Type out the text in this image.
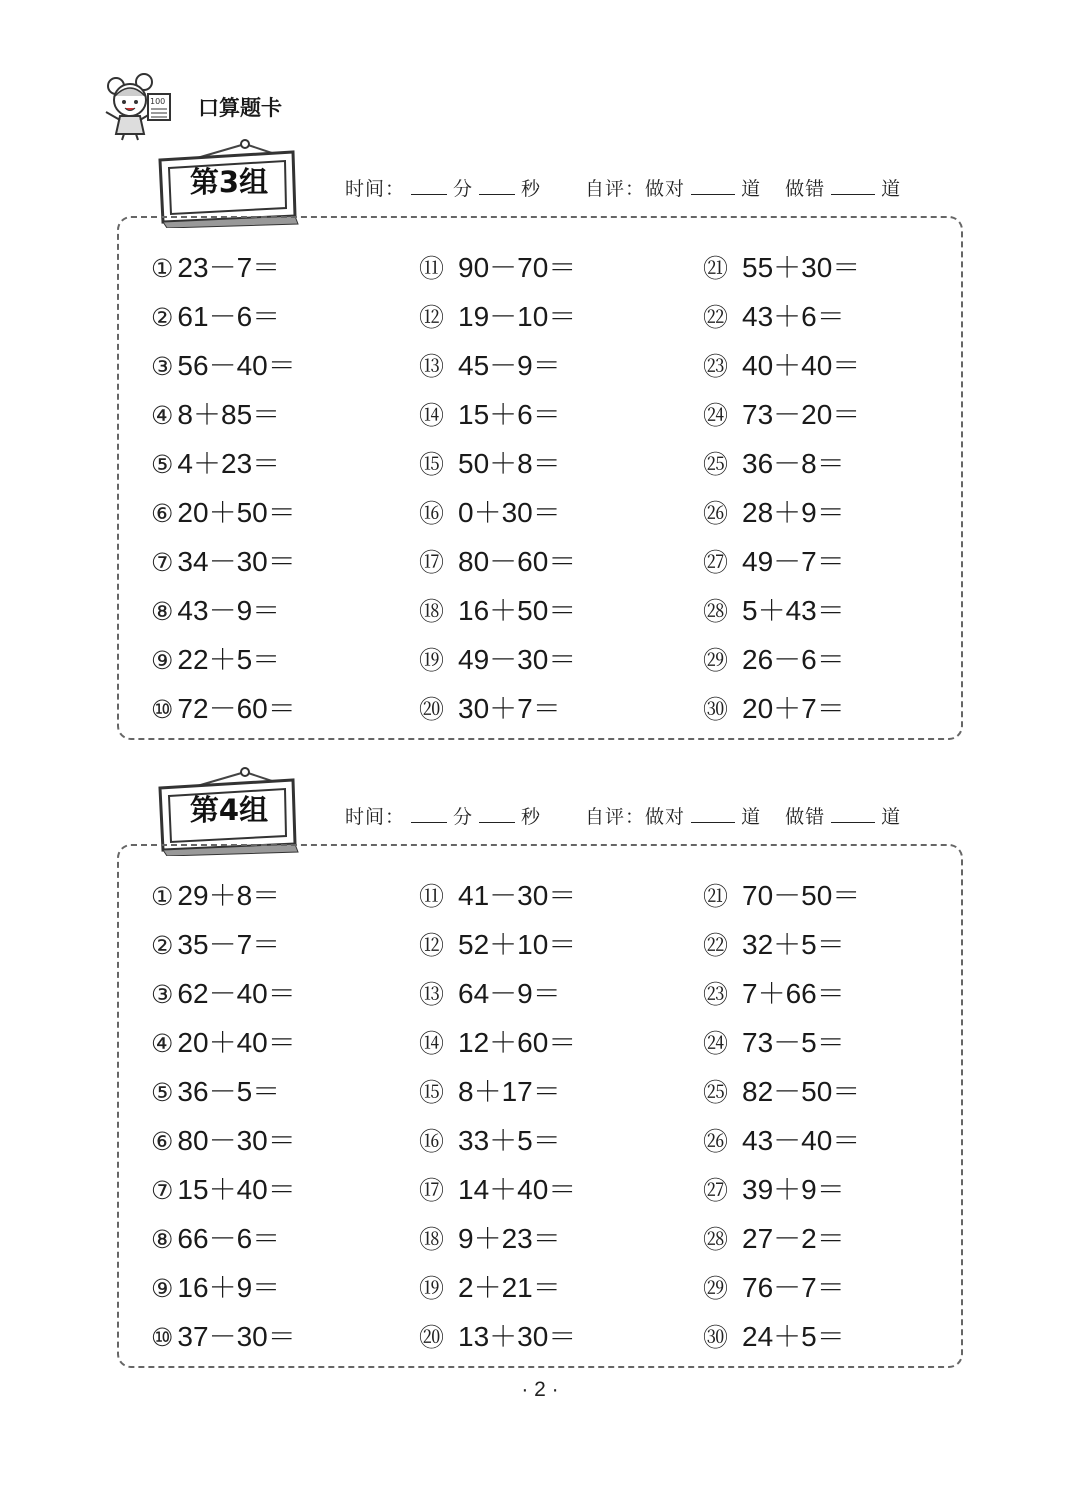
100 口算题卡
第3组	时间：	分	秒 自评：做对	道 做错	道
① 23－7＝
② 61－6＝
③ 56－40＝
④ 8＋85＝
⑤ 4＋23＝
⑥ 20＋50＝
⑦ 34－30＝
⑧ 43－9＝
⑨ 22＋5＝
⑩ 72－60＝
⑪ 90－70＝
⑫ 19－10＝
⑬ 45－9＝
⑭ 15＋6＝
⑮ 50＋8＝
⑯ 0＋30＝
⑰ 80－60＝
⑱ 16＋50＝
⑲ 49－30＝
⑳ 30＋7＝
㉑ 55＋30＝
㉒ 43＋6＝
㉓ 40＋40＝
㉔ 73－20＝
㉕ 36－8＝
㉖ 28＋9＝
㉗ 49－7＝
㉘ 5＋43＝
㉙ 26－6＝
㉚ 20＋7＝
第4组	时间：	分	秒 自评：做对	道 做错	道
① 29＋8＝
② 35－7＝
③ 62－40＝
④ 20＋40＝
⑤ 36－5＝
⑥ 80－30＝
⑦ 15＋40＝
⑧ 66－6＝
⑨ 16＋9＝
⑩ 37－30＝
⑪ 41－30＝
⑫ 52＋10＝
⑬ 64－9＝
⑭ 12＋60＝
⑮ 8＋17＝
⑯ 33＋5＝
⑰ 14＋40＝
⑱ 9＋23＝
⑲ 2＋21＝
⑳ 13＋30＝
㉑ 70－50＝
㉒ 32＋5＝
㉓ 7＋66＝
㉔ 73－5＝
㉕ 82－50＝
㉖ 43－40＝
㉗ 39＋9＝
㉘ 27－2＝
㉙ 76－7＝
㉚ 24＋5＝
· 2 ·
